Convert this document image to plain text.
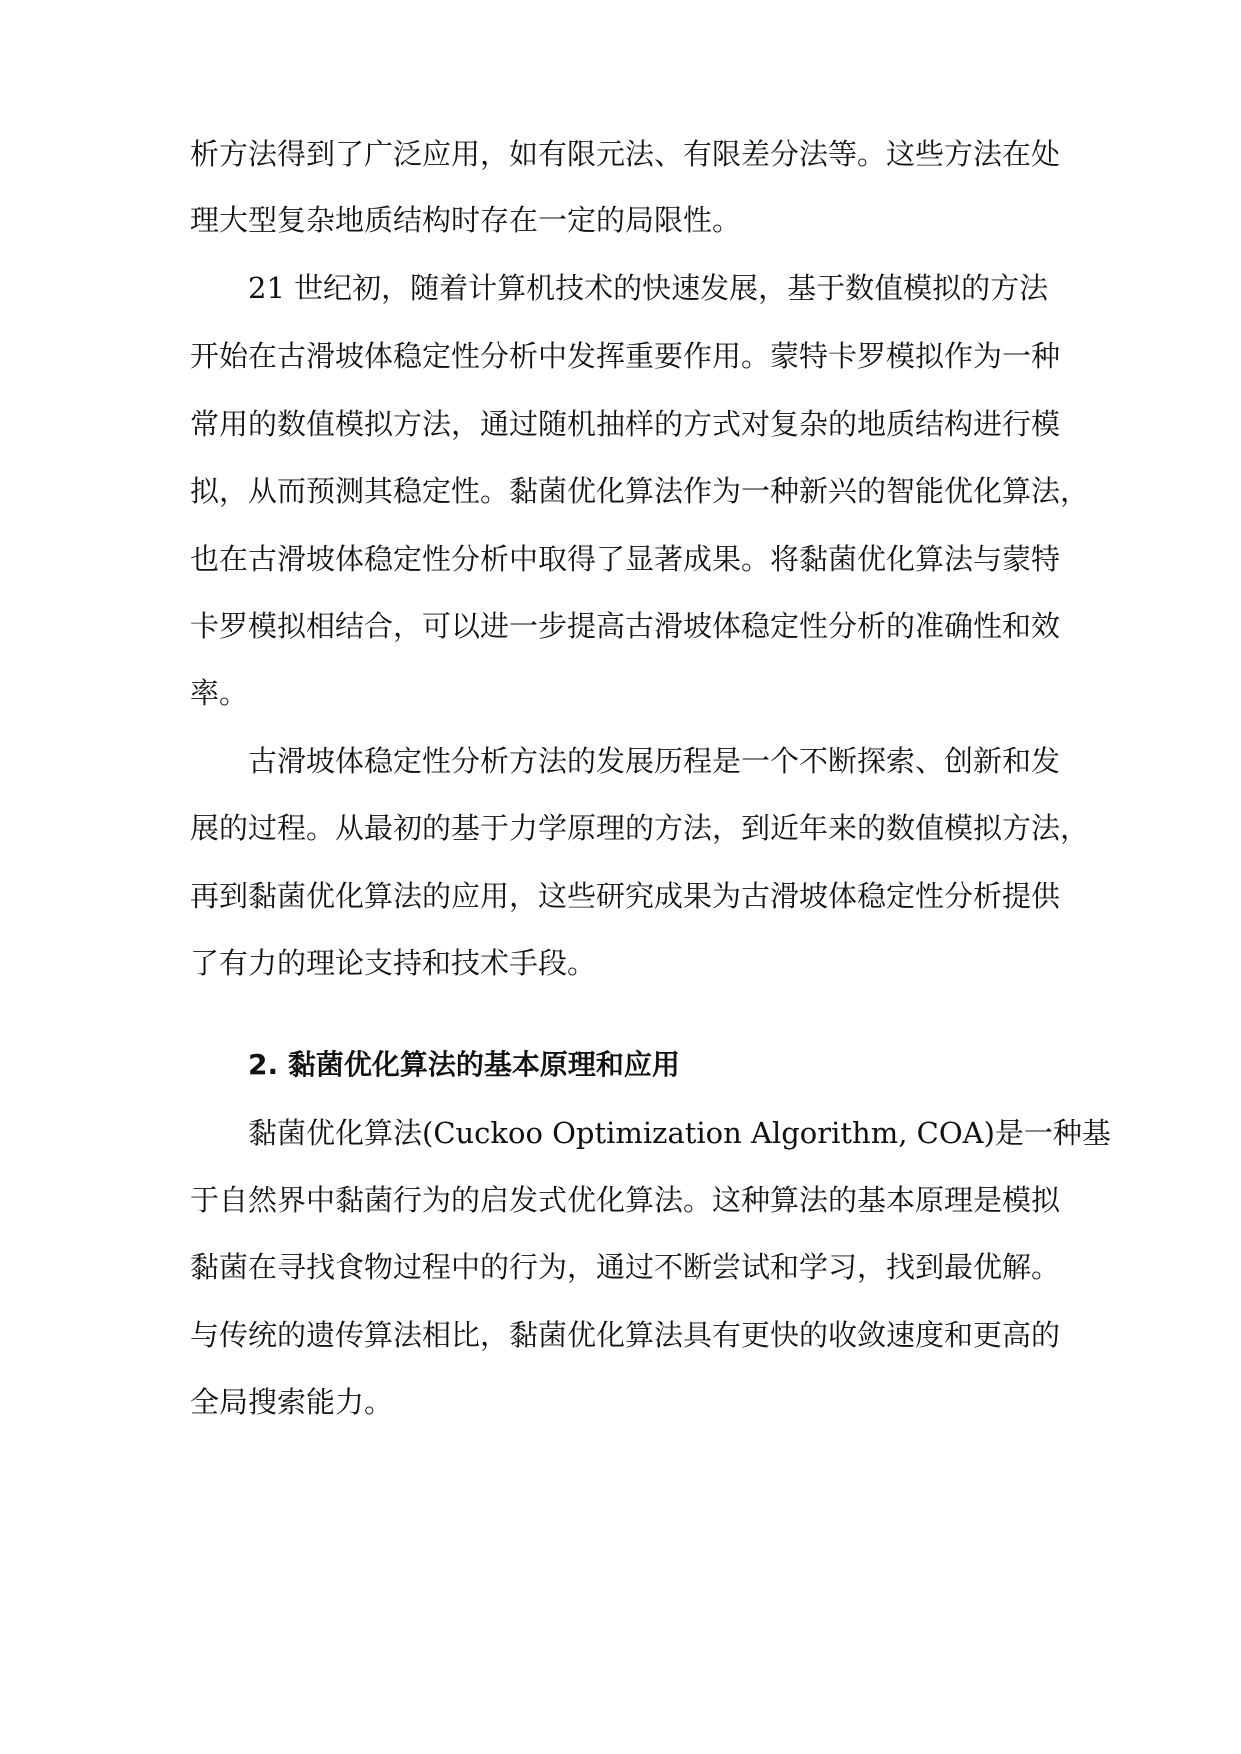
析方法得到了广泛应用，如有限元法、有限差分法等。这些方法在处
理大型复杂地质结构时存在一定的局限性。
21 世纪初，随着计算机技术的快速发展，基于数值模拟的方法
开始在古滑坡体稳定性分析中发挥重要作用。蒙特卡罗模拟作为一种
常用的数值模拟方法，通过随机抽样的方式对复杂的地质结构进行模
拟，从而预测其稳定性。黏菌优化算法作为一种新兴的智能优化算法，
也在古滑坡体稳定性分析中取得了显著成果。将黏菌优化算法与蒙特
卡罗模拟相结合，可以进一步提高古滑坡体稳定性分析的准确性和效
率。
古滑坡体稳定性分析方法的发展历程是一个不断探索、创新和发
展的过程。从最初的基于力学原理的方法，到近年来的数值模拟方法，
再到黏菌优化算法的应用，这些研究成果为古滑坡体稳定性分析提供
了有力的理论支持和技术手段。
2. 黏菌优化算法的基本原理和应用
黏菌优化算法(Cuckoo Optimization Algorithm, COA)是一种基
于自然界中黏菌行为的启发式优化算法。这种算法的基本原理是模拟
黏菌在寻找食物过程中的行为，通过不断尝试和学习，找到最优解。
与传统的遗传算法相比，黏菌优化算法具有更快的收敛速度和更高的
全局搜索能力。
